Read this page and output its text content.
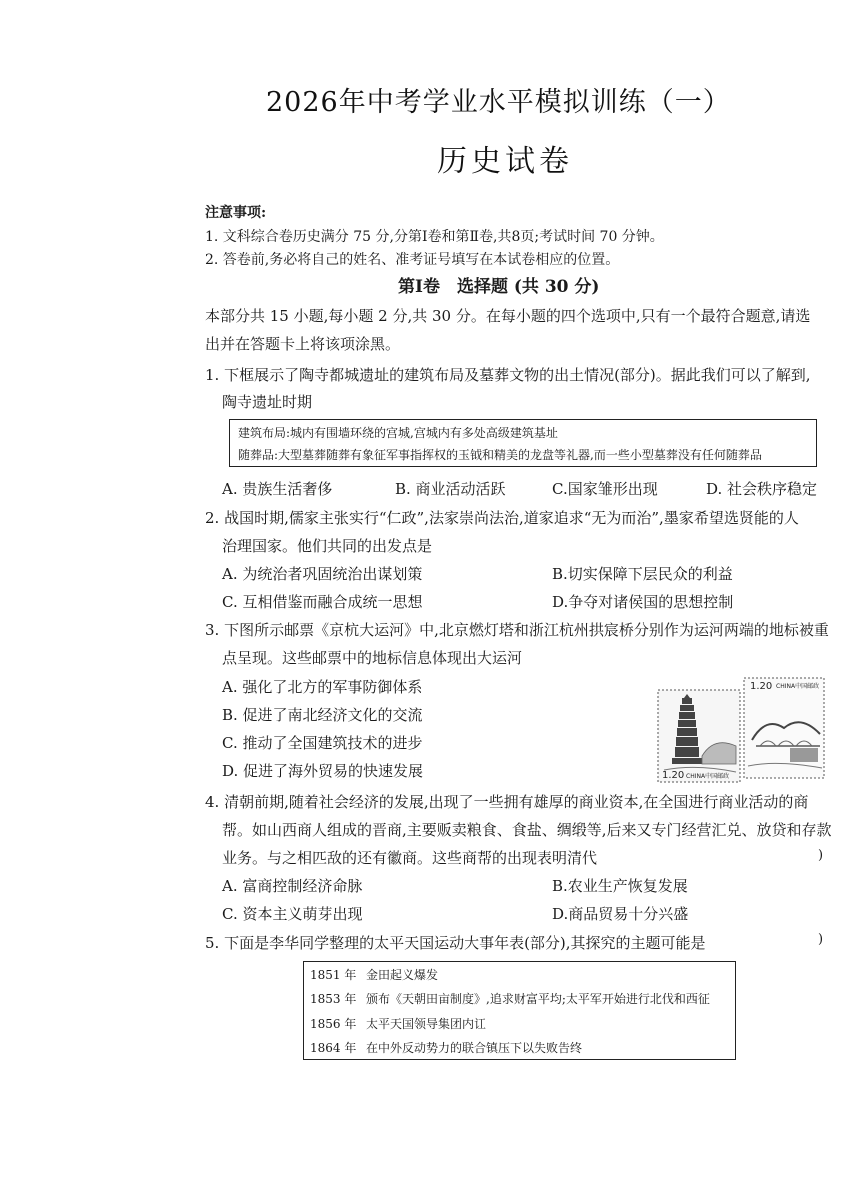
2026年中考学业水平模拟训练（一）
历史试卷
注意事项:
1. 文科综合卷历史满分 75 分,分第Ⅰ卷和第Ⅱ卷,共8页;考试时间 70 分钟。
2. 答卷前,务必将自己的姓名、准考证号填写在本试卷相应的位置。
第Ⅰ卷　选择题 (共 30 分)
本部分共 15 小题,每小题 2 分,共 30 分。在每小题的四个选项中,只有一个最符合题意,请选
出并在答题卡上将该项涂黑。
1. 下框展示了陶寺都城遗址的建筑布局及墓葬文物的出土情况(部分)。据此我们可以了解到,
陶寺遗址时期
建筑布局:城内有围墙环绕的宫城,宫城内有多处高级建筑基址
随葬品:大型墓葬随葬有象征军事指挥权的玉钺和精美的龙盘等礼器,而一些小型墓葬没有任何随葬品
A. 贵族生活奢侈	B. 商业活动活跃	C.国家雏形出现	D. 社会秩序稳定
2. 战国时期,儒家主张实行“仁政”,法家崇尚法治,道家追求“无为而治”,墨家希望选贤能的人
治理国家。他们共同的出发点是
A. 为统治者巩固统治出谋划策	B.切实保障下层民众的利益
C. 互相借鉴而融合成统一思想	D.争夺对诸侯国的思想控制
3. 下图所示邮票《京杭大运河》中,北京燃灯塔和浙江杭州拱宸桥分别作为运河两端的地标被重
点呈现。这些邮票中的地标信息体现出大运河
A. 强化了北方的军事防御体系
B. 促进了南北经济文化的交流
C. 推动了全国建筑技术的进步
D. 促进了海外贸易的快速发展	1.20 CHINA中国邮政
1.20 CHINA中国邮政
4. 清朝前期,随着社会经济的发展,出现了一些拥有雄厚的商业资本,在全国进行商业活动的商
帮。如山西商人组成的晋商,主要贩卖粮食、食盐、绸缎等,后来又专门经营汇兑、放贷和存款
业务。与之相匹敌的还有徽商。这些商帮的出现表明清代	)
A. 富商控制经济命脉	B.农业生产恢复发展
C. 资本主义萌芽出现	D.商品贸易十分兴盛
5. 下面是李华同学整理的太平天国运动大事年表(部分),其探究的主题可能是	)
1851 年 金田起义爆发
1853 年 颁布《天朝田亩制度》,追求财富平均;太平军开始进行北伐和西征
1856 年 太平天国领导集团内讧
1864 年 在中外反动势力的联合镇压下以失败告终
